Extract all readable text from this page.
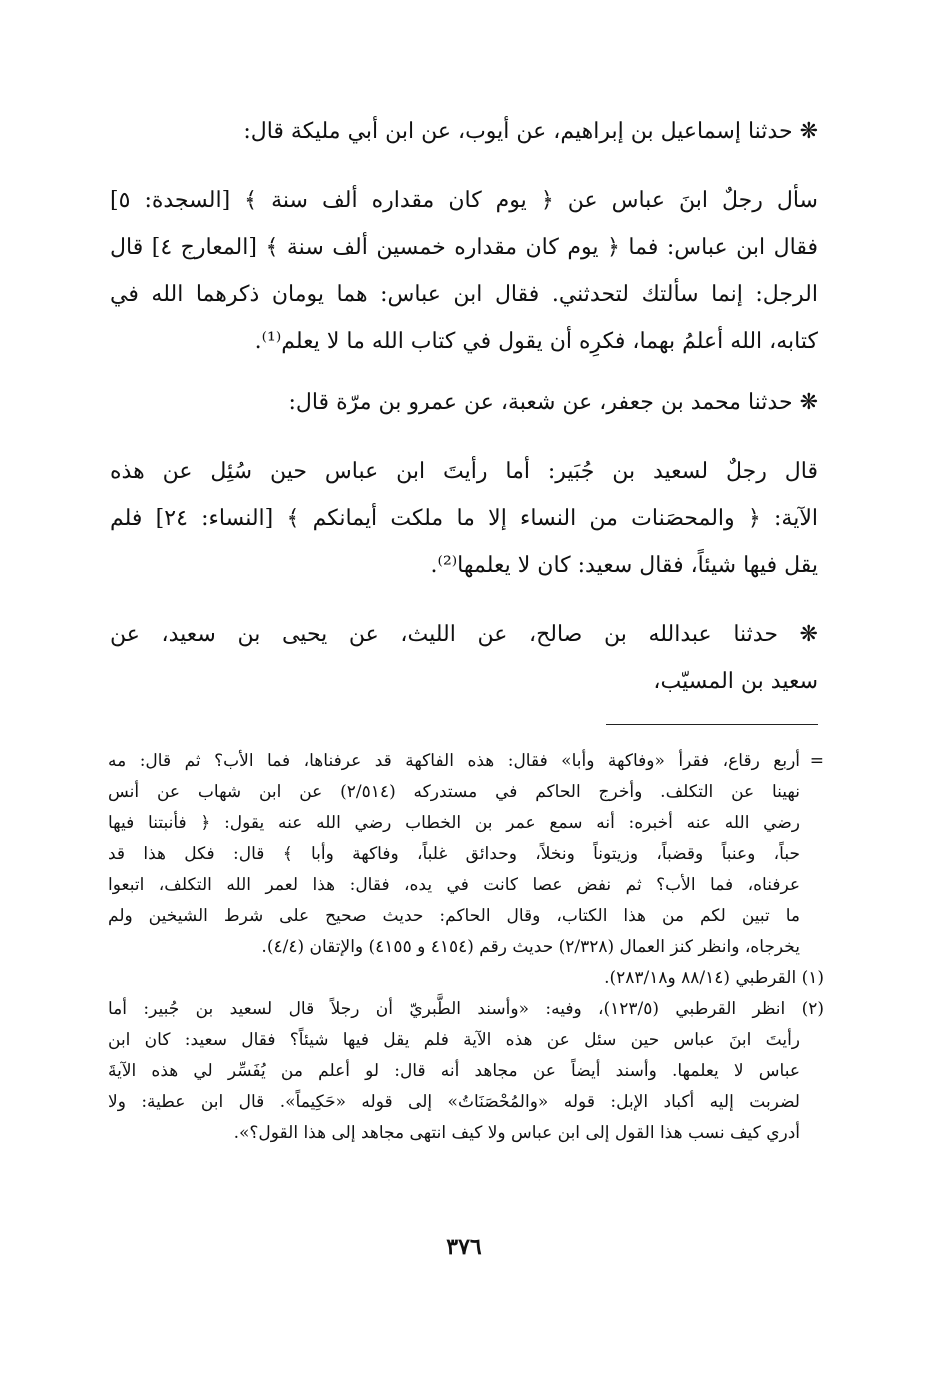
❋ حدثنا إسماعيل بن إبراهيم، عن أيوب، عن ابن أبي مليكة قال:

سأل رجلٌ ابنَ عباس عن ﴿ يوم كان مقداره ألف سنة ﴾ [السجدة: ٥]
فقال ابن عباس: فما ﴿ يوم كان مقداره خمسين ألف سنة ﴾ [المعارج ٤] قال
الرجل: إنما سألتك لتحدثني. فقال ابن عباس: هما يومان ذكرهما الله في
كتابه، الله أعلمُ بهما، فكرِه أن يقول في كتاب الله ما لا يعلم⁽¹⁾.

❋ حدثنا محمد بن جعفر، عن شعبة، عن عمرو بن مرّة قال:

قال رجلٌ لسعيد بن جُبَير: أما رأيتَ ابن عباس حين سُئِل عن هذه
الآية: ﴿ والمحصَنات من النساء إلا ما ملكت أيمانكم ﴾ [النساء: ٢٤] فلم
يقل فيها شيئاً، فقال سعيد: كان لا يعلمها⁽²⁾.
❋ حدثنا عبدالله بن صالح، عن الليث، عن يحيى بن سعيد، عن
سعيد بن المسيّب،
=أربع رقاع، فقرأ «وفاكهة وأبا» فقال: هذه الفاكهة قد عرفناها، فما الأب؟ ثم قال: مه
نهينا عن التكلف. وأخرج الحاكم في مستدركه (٢/٥١٤) عن ابن شهاب عن أنس
رضي الله عنه أخبره: أنه سمع عمر بن الخطاب رضي الله عنه يقول: ﴿ فأنبتنا فيها
حباً، وعنباً وقضباً، وزيتوناً ونخلاً، وحدائق غلباً، وفاكهة وأبا ﴾ قال: فكل هذا قد
عرفناه، فما الأب؟ ثم نفض عصا كانت في يده، فقال: هذا لعمر الله التكلف، اتبعوا
ما تبين لكم من هذا الكتاب، وقال الحاكم: حديث صحيح على شرط الشيخين ولم
يخرجاه، وانظر كنز العمال (٢/٣٢٨) حديث رقم (٤١٥٤ و ٤١٥٥) والإتقان (٤/٤).
(١) القرطبي (٨٨/١٤ و٢٨٣/١٨).
(٢) انظر القرطبي (١٢٣/٥)، وفيه: «وأسند الطَّبريّ أن رجلاً قال لسعيد بن جُبير: أما
رأيتَ ابنَ عباس حين سئل عن هذه الآية فلم يقل فيها شيئاً؟ فقال سعيد: كان ابن
عباس لا يعلمها. وأسند أيضاً عن مجاهد أنه قال: لو أعلم من يُفَسِّر لي هذه الآيةَ
لضربت إليه أكباد الإبل: قوله «والمُحْصَنَاتُ» إلى قوله «حَكِيماً». قال ابن عطية: ولا
أدري كيف نسب هذا القول إلى ابن عباس ولا كيف انتهى مجاهد إلى هذا القول؟».
٣٧٦
